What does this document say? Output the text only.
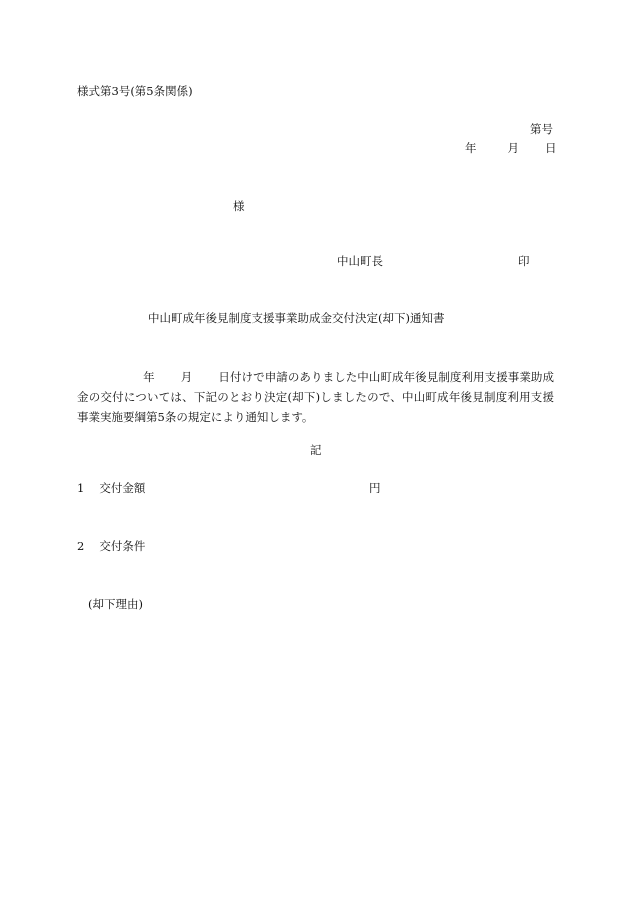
様式第3号(第5条関係)
第号
年	月 日
様
中山町長	印
中山町成年後見制度支援事業助成金交付決定(却下)通知書
年 月 日付けで申請のありました中山町成年後見制度利用支援事業助成金の交付については、下記のとおり決定(却下)しましたので、中山町成年後見制度利用支援事業実施要綱第5条の規定により通知します。
記
1 交付金額	円
2 交付条件
(却下理由)
